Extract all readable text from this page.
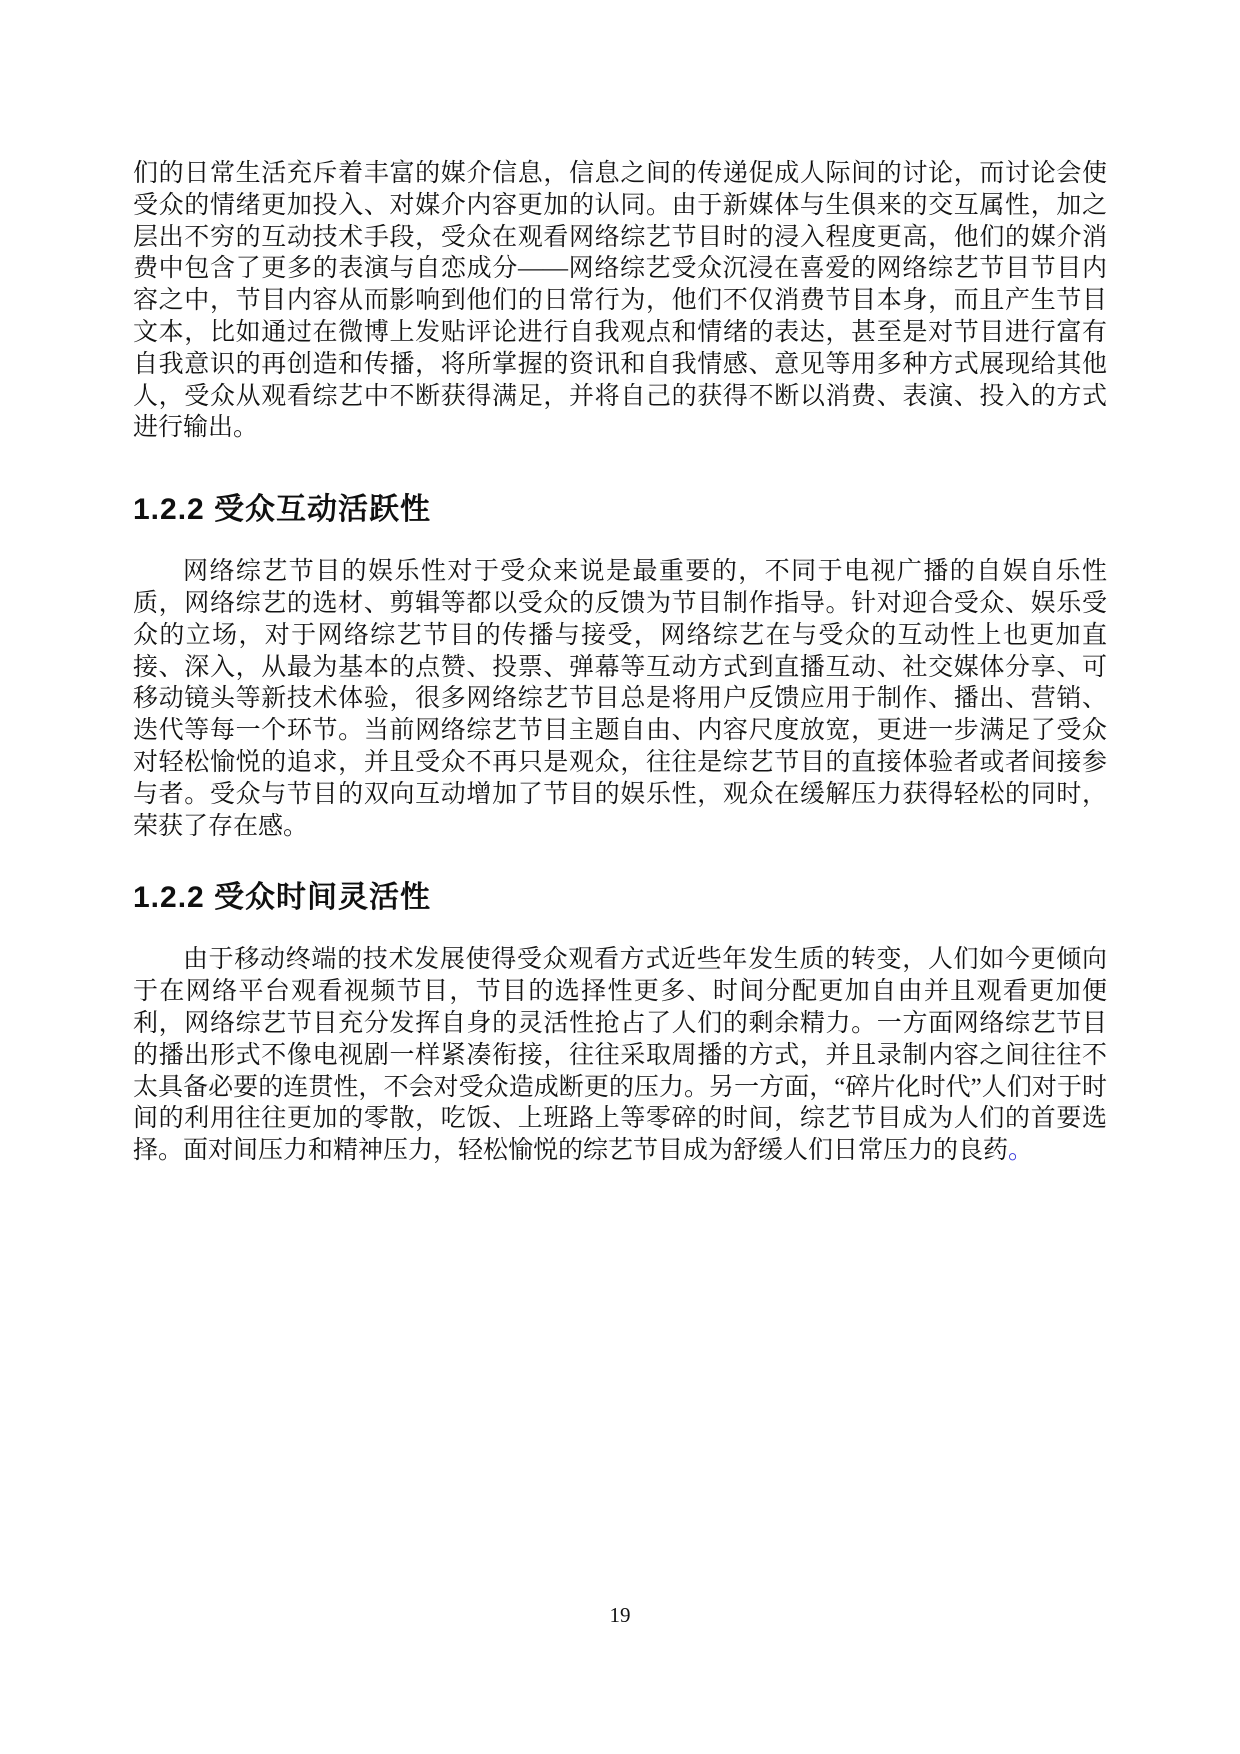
们的日常生活充斥着丰富的媒介信息，信息之间的传递促成人际间的讨论，而讨论会使受众的情绪更加投入、对媒介内容更加的认同。由于新媒体与生俱来的交互属性，加之层出不穷的互动技术手段，受众在观看网络综艺节目时的浸入程度更高，他们的媒介消费中包含了更多的表演与自恋成分——网络综艺受众沉浸在喜爱的网络综艺节目节目内容之中，节目内容从而影响到他们的日常行为，他们不仅消费节目本身，而且产生节目文本，比如通过在微博上发贴评论进行自我观点和情绪的表达，甚至是对节目进行富有自我意识的再创造和传播，将所掌握的资讯和自我情感、意见等用多种方式展现给其他人，受众从观看综艺中不断获得满足，并将自己的获得不断以消费、表演、投入的方式进行输出。

1.2.2 受众互动活跃性

网络综艺节目的娱乐性对于受众来说是最重要的，不同于电视广播的自娱自乐性质，网络综艺的选材、剪辑等都以受众的反馈为节目制作指导。针对迎合受众、娱乐受众的立场，对于网络综艺节目的传播与接受，网络综艺在与受众的互动性上也更加直接、深入，从最为基本的点赞、投票、弹幕等互动方式到直播互动、社交媒体分享、可移动镜头等新技术体验，很多网络综艺节目总是将用户反馈应用于制作、播出、营销、迭代等每一个环节。当前网络综艺节目主题自由、内容尺度放宽，更进一步满足了受众对轻松愉悦的追求，并且受众不再只是观众，往往是综艺节目的直接体验者或者间接参与者。受众与节目的双向互动增加了节目的娱乐性，观众在缓解压力获得轻松的同时，荣获了存在感。

1.2.2 受众时间灵活性

由于移动终端的技术发展使得受众观看方式近些年发生质的转变，人们如今更倾向于在网络平台观看视频节目，节目的选择性更多、时间分配更加自由并且观看更加便利，网络综艺节目充分发挥自身的灵活性抢占了人们的剩余精力。一方面网络综艺节目的播出形式不像电视剧一样紧凑衔接，往往采取周播的方式，并且录制内容之间往往不太具备必要的连贯性，不会对受众造成断更的压力。另一方面，“碎片化时代”人们对于时间的利用往往更加的零散，吃饭、上班路上等零碎的时间，综艺节目成为人们的首要选择。面对间压力和精神压力，轻松愉悦的综艺节目成为舒缓人们日常压力的良药。

19
